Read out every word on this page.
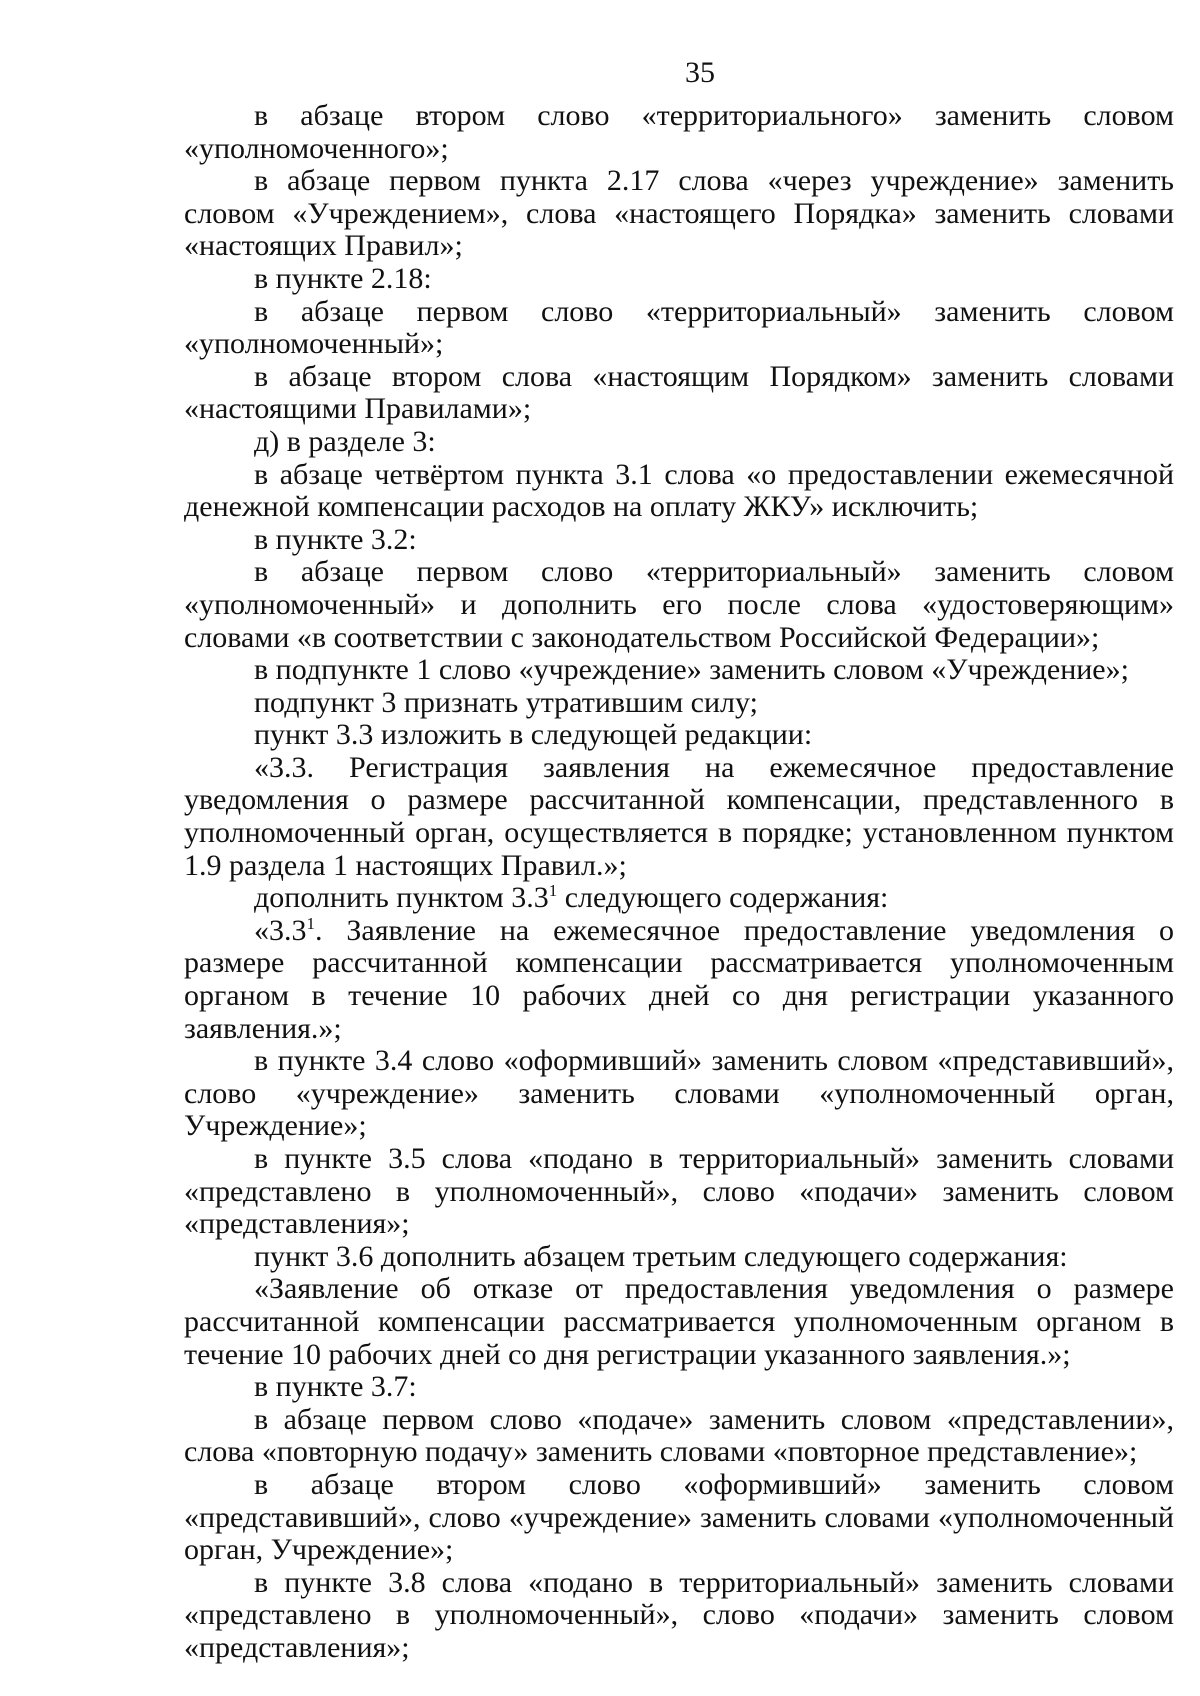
35

в абзаце втором слово «территориального» заменить словом «уполномоченного»;

в абзаце первом пункта 2.17 слова «через учреждение» заменить словом «Учреждением», слова «настоящего Порядка» заменить словами «настоящих Правил»;

в пункте 2.18:

в абзаце первом слово «территориальный» заменить словом «уполномоченный»;

в абзаце втором слова «настоящим Порядком» заменить словами «настоящими Правилами»;

д) в разделе 3:

в абзаце четвёртом пункта 3.1 слова «о предоставлении ежемесячной денежной компенсации расходов на оплату ЖКУ» исключить;

в пункте 3.2:

в абзаце первом слово «территориальный» заменить словом «уполномоченный» и дополнить его после слова «удостоверяющим» словами «в соответствии с законодательством Российской Федерации»;

в подпункте 1 слово «учреждение» заменить словом «Учреждение»;

подпункт 3 признать утратившим силу;

пункт 3.3 изложить в следующей редакции:

«3.3. Регистрация заявления на ежемесячное предоставление уведомления о размере рассчитанной компенсации, представленного в уполномоченный орган, осуществляется в порядке; установленном пунктом 1.9 раздела 1 настоящих Правил.»;

дополнить пунктом $3.3^1$ следующего содержания:

«$3.3^1$. Заявление на ежемесячное предоставление уведомления о размере рассчитанной компенсации рассматривается уполномоченным органом в течение 10 рабочих дней со дня регистрации указанного заявления.»;

в пункте 3.4 слово «оформивший» заменить словом «представивший», слово «учреждение» заменить словами «уполномоченный орган, Учреждение»;

в пункте 3.5 слова «подано в территориальный» заменить словами «представлено в уполномоченный», слово «подачи» заменить словом «представления»;

пункт 3.6 дополнить абзацем третьим следующего содержания:

«Заявление об отказе от предоставления уведомления о размере рассчитанной компенсации рассматривается уполномоченным органом в течение 10 рабочих дней со дня регистрации указанного заявления.»;

в пункте 3.7:

в абзаце первом слово «подаче» заменить словом «представлении», слова «повторную подачу» заменить словами «повторное представление»;

в абзаце втором слово «оформивший» заменить словом «представивший», слово «учреждение» заменить словами «уполномоченный орган, Учреждение»;

в пункте 3.8 слова «подано в территориальный» заменить словами «представлено в уполномоченный», слово «подачи» заменить словом «представления»;
